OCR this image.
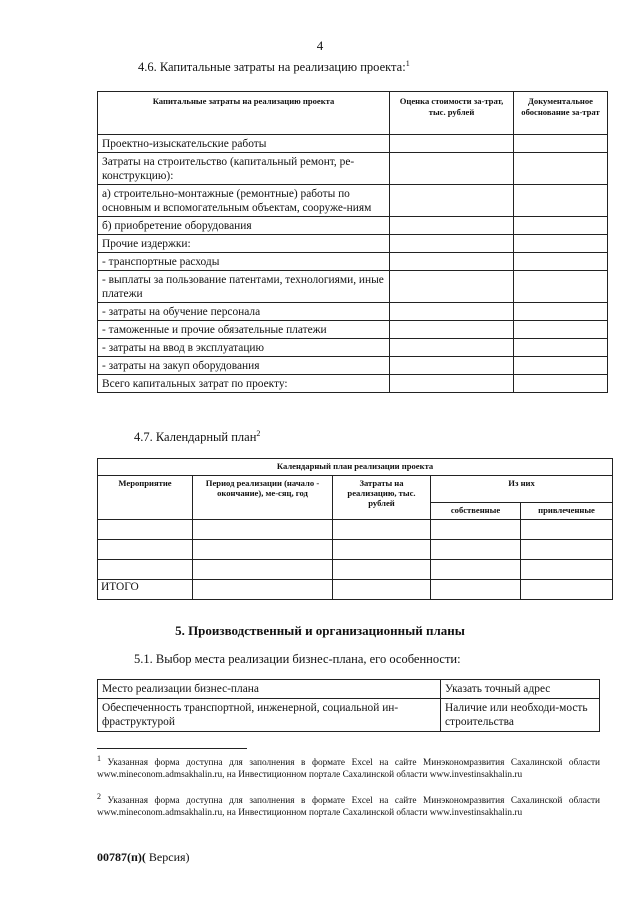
4
4.6. Капитальные затраты на реализацию проекта:$^1$
Капитальные затраты на реализацию проекта	Оценка стоимости за-трат, тыс. рублей	Документальное обоснование за-трат
Проектно-изыскательские работы		
Затраты на строительство (капитальный ремонт, ре-конструкцию):		
а) строительно-монтажные (ремонтные) работы по основным и вспомогательным объектам, сооруже-ниям		
б) приобретение оборудования		
Прочие издержки:		
- транспортные расходы		
- выплаты за пользование патентами, технологиями, иные платежи		
- затраты на обучение персонала		
- таможенные и прочие обязательные платежи		
- затраты на ввод в эксплуатацию		
- затраты на закуп оборудования		
Всего капитальных затрат по проекту:		
4.7. Календарный план$^2$
Календарный план реализации проекта				
Мероприятие	Период реализации (начало - окончание), ме-сяц, год	Затраты на реализацию, тыс. рублей	Из них	
			собственные	привлеченные

ИТОГО				
5. Производственный и организационный планы
5.1. Выбор места реализации бизнес-плана, его особенности:
Место реализации бизнес-плана	Указать точный адрес
Обеспеченность транспортной, инженерной, социальной ин-фраструктурой	Наличие или необходи-мость строительства
$^1$ Указанная форма доступна для заполнения в формате Excel на сайте Минэкономразвития Сахалинской области www.mineconom.admsakhalin.ru, на Инвестиционном портале Сахалинской области www.investinsakhalin.ru
$^2$ Указанная форма доступна для заполнения в формате Excel на сайте Минэкономразвития Сахалинской области www.mineconom.admsakhalin.ru, на Инвестиционном портале Сахалинской области www.investinsakhalin.ru
00787(п)( Версия)
